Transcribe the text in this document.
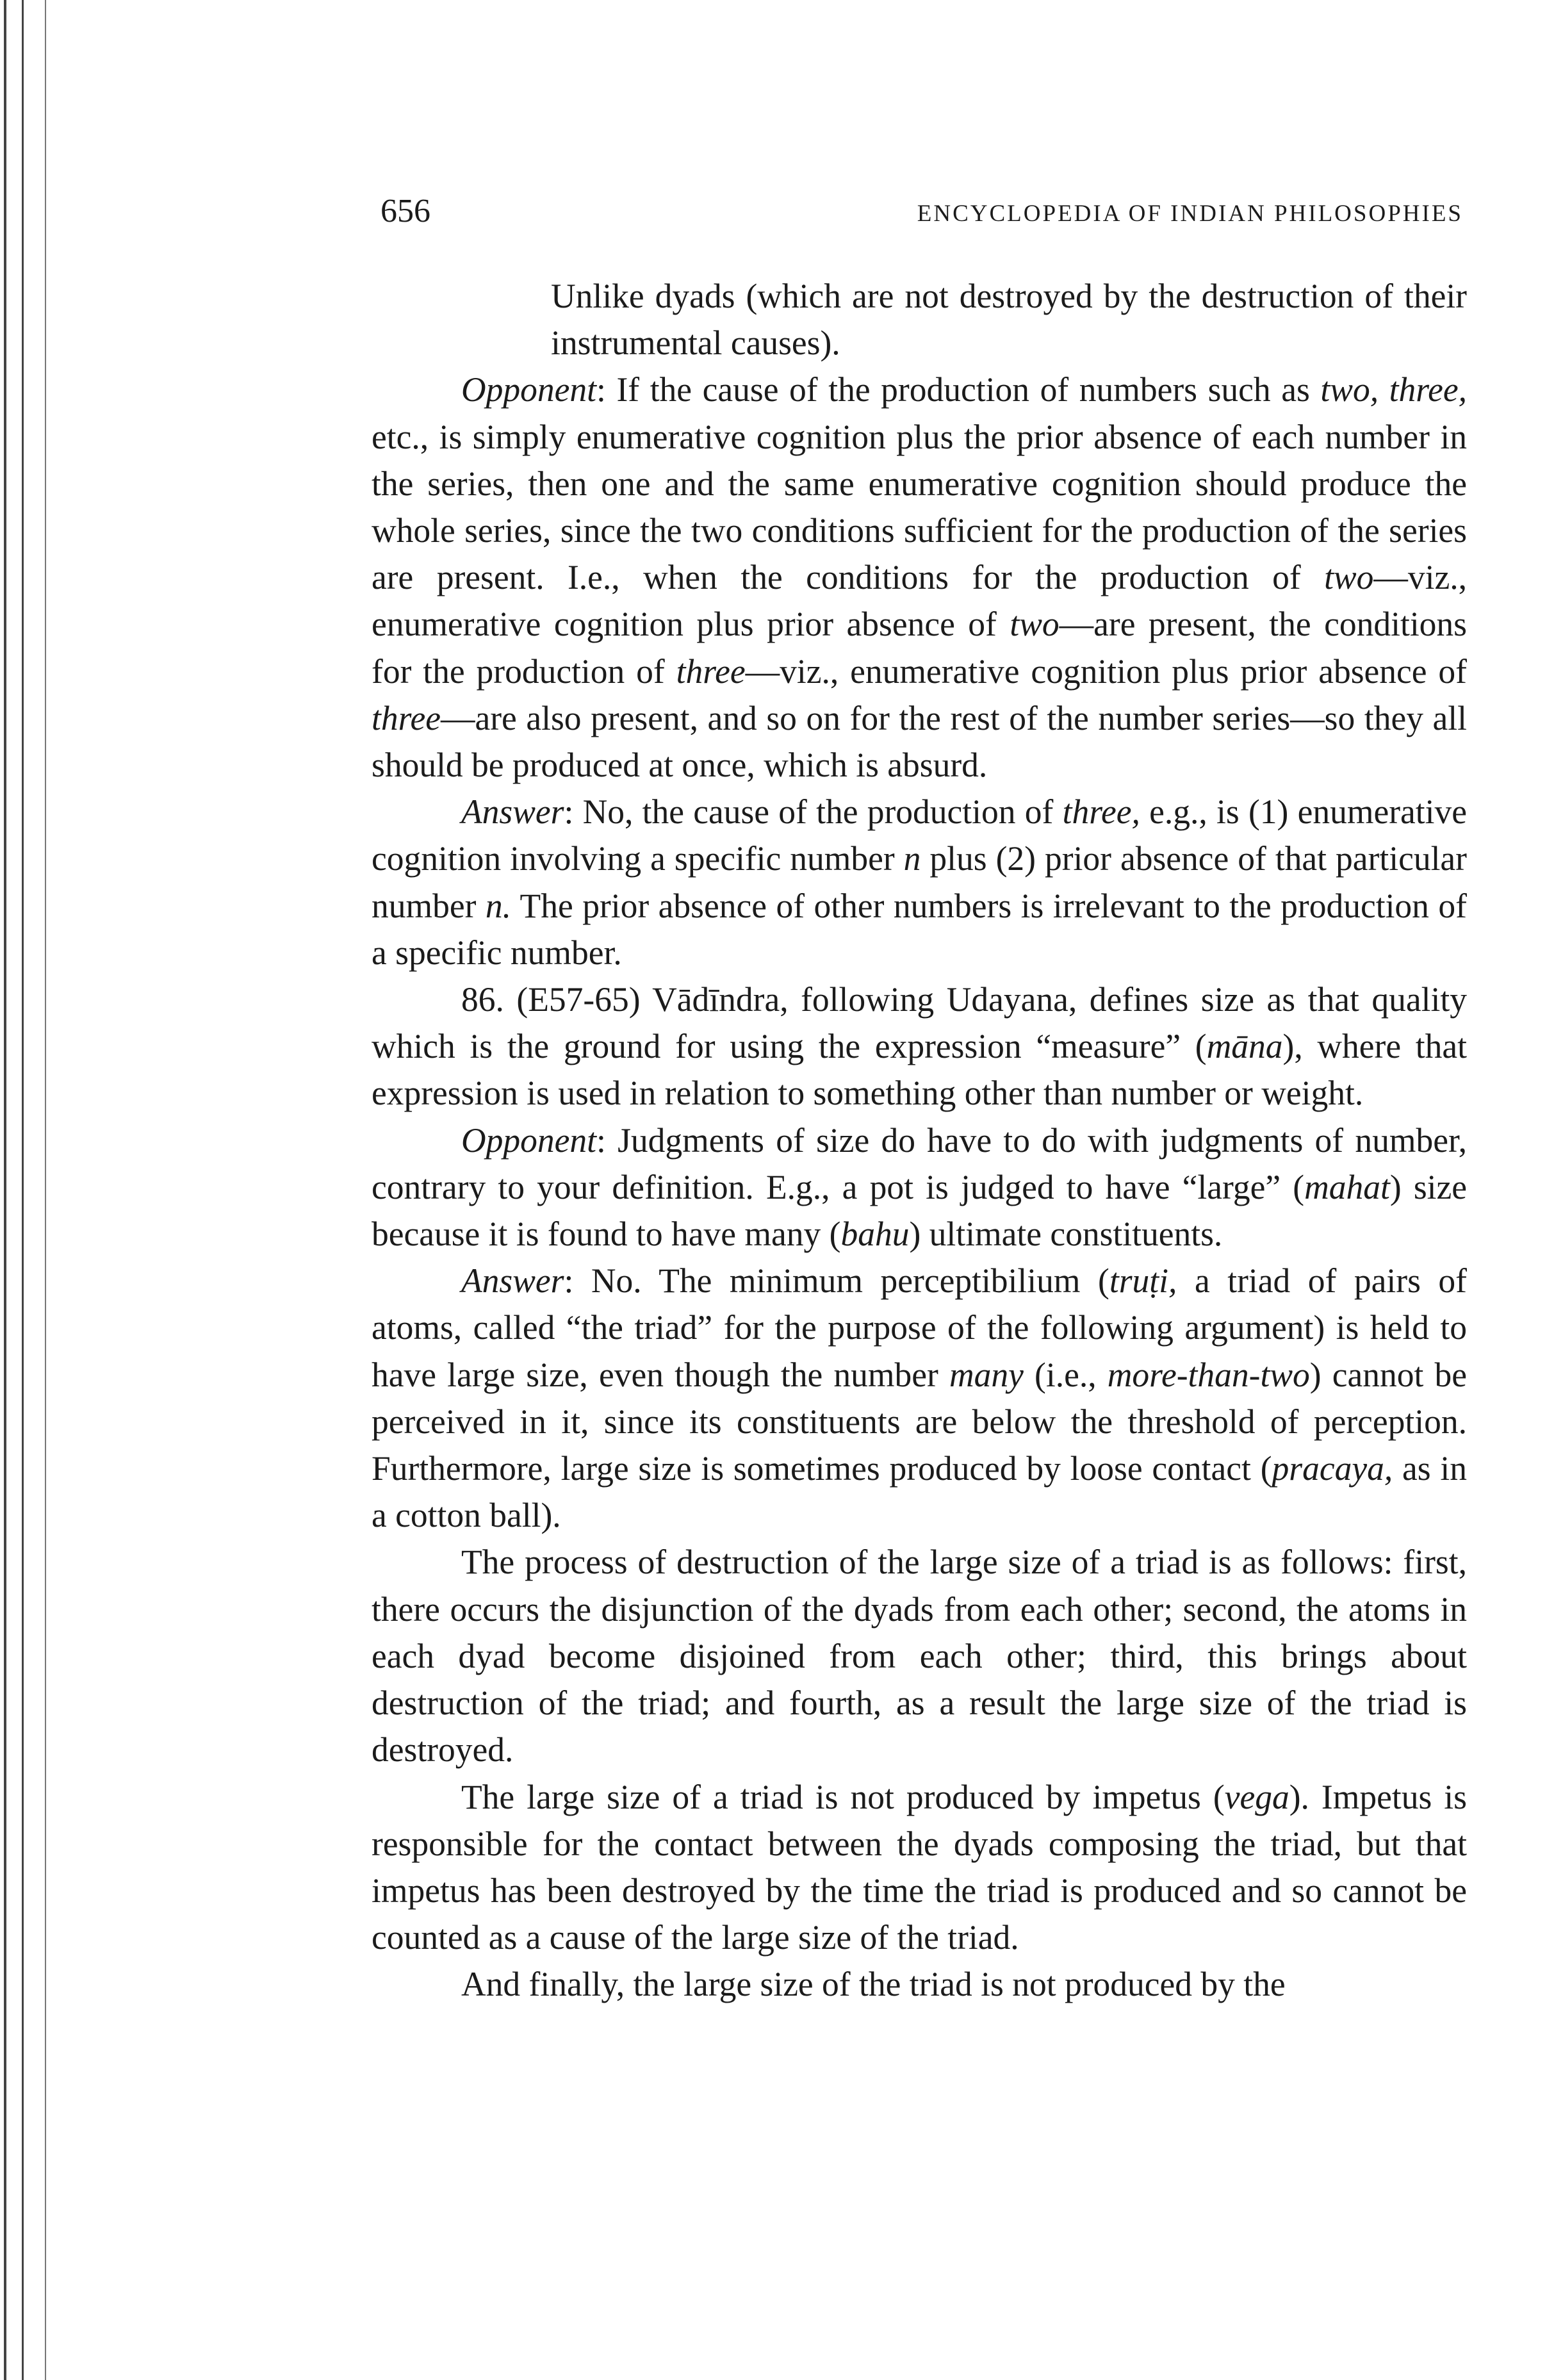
656	ENCYCLOPEDIA OF INDIAN PHILOSOPHIES

Unlike dyads (which are not destroyed by the destruction of their instrumental causes).

Opponent: If the cause of the production of numbers such as two, three, etc., is simply enumerative cognition plus the prior absence of each number in the series, then one and the same enumerative cognition should produce the whole series, since the two conditions sufficient for the production of the series are present. I.e., when the conditions for the production of two—viz., enumerative cognition plus prior absence of two—are present, the conditions for the production of three—viz., enumerative cognition plus prior absence of three—are also present, and so on for the rest of the number series—so they all should be produced at once, which is absurd.

Answer: No, the cause of the production of three, e.g., is (1) enumerative cognition involving a specific number n plus (2) prior absence of that particular number n. The prior absence of other numbers is irrelevant to the production of a specific number.

86. (E57-65) Vādīndra, following Udayana, defines size as that quality which is the ground for using the expression “measure” (māna), where that expression is used in relation to something other than number or weight.

Opponent: Judgments of size do have to do with judgments of number, contrary to your definition. E.g., a pot is judged to have “large” (mahat) size because it is found to have many (bahu) ultimate constituents.

Answer: No. The minimum perceptibilium (truṭi, a triad of pairs of atoms, called “the triad” for the purpose of the following argument) is held to have large size, even though the number many (i.e., more-than-two) cannot be perceived in it, since its constituents are below the threshold of perception. Furthermore, large size is sometimes produced by loose contact (pracaya, as in a cotton ball).

The process of destruction of the large size of a triad is as follows: first, there occurs the disjunction of the dyads from each other; second, the atoms in each dyad become disjoined from each other; third, this brings about destruction of the triad; and fourth, as a result the large size of the triad is destroyed.

The large size of a triad is not produced by impetus (vega). Impetus is responsible for the contact between the dyads composing the triad, but that impetus has been destroyed by the time the triad is produced and so cannot be counted as a cause of the large size of the triad.

And finally, the large size of the triad is not produced by the
